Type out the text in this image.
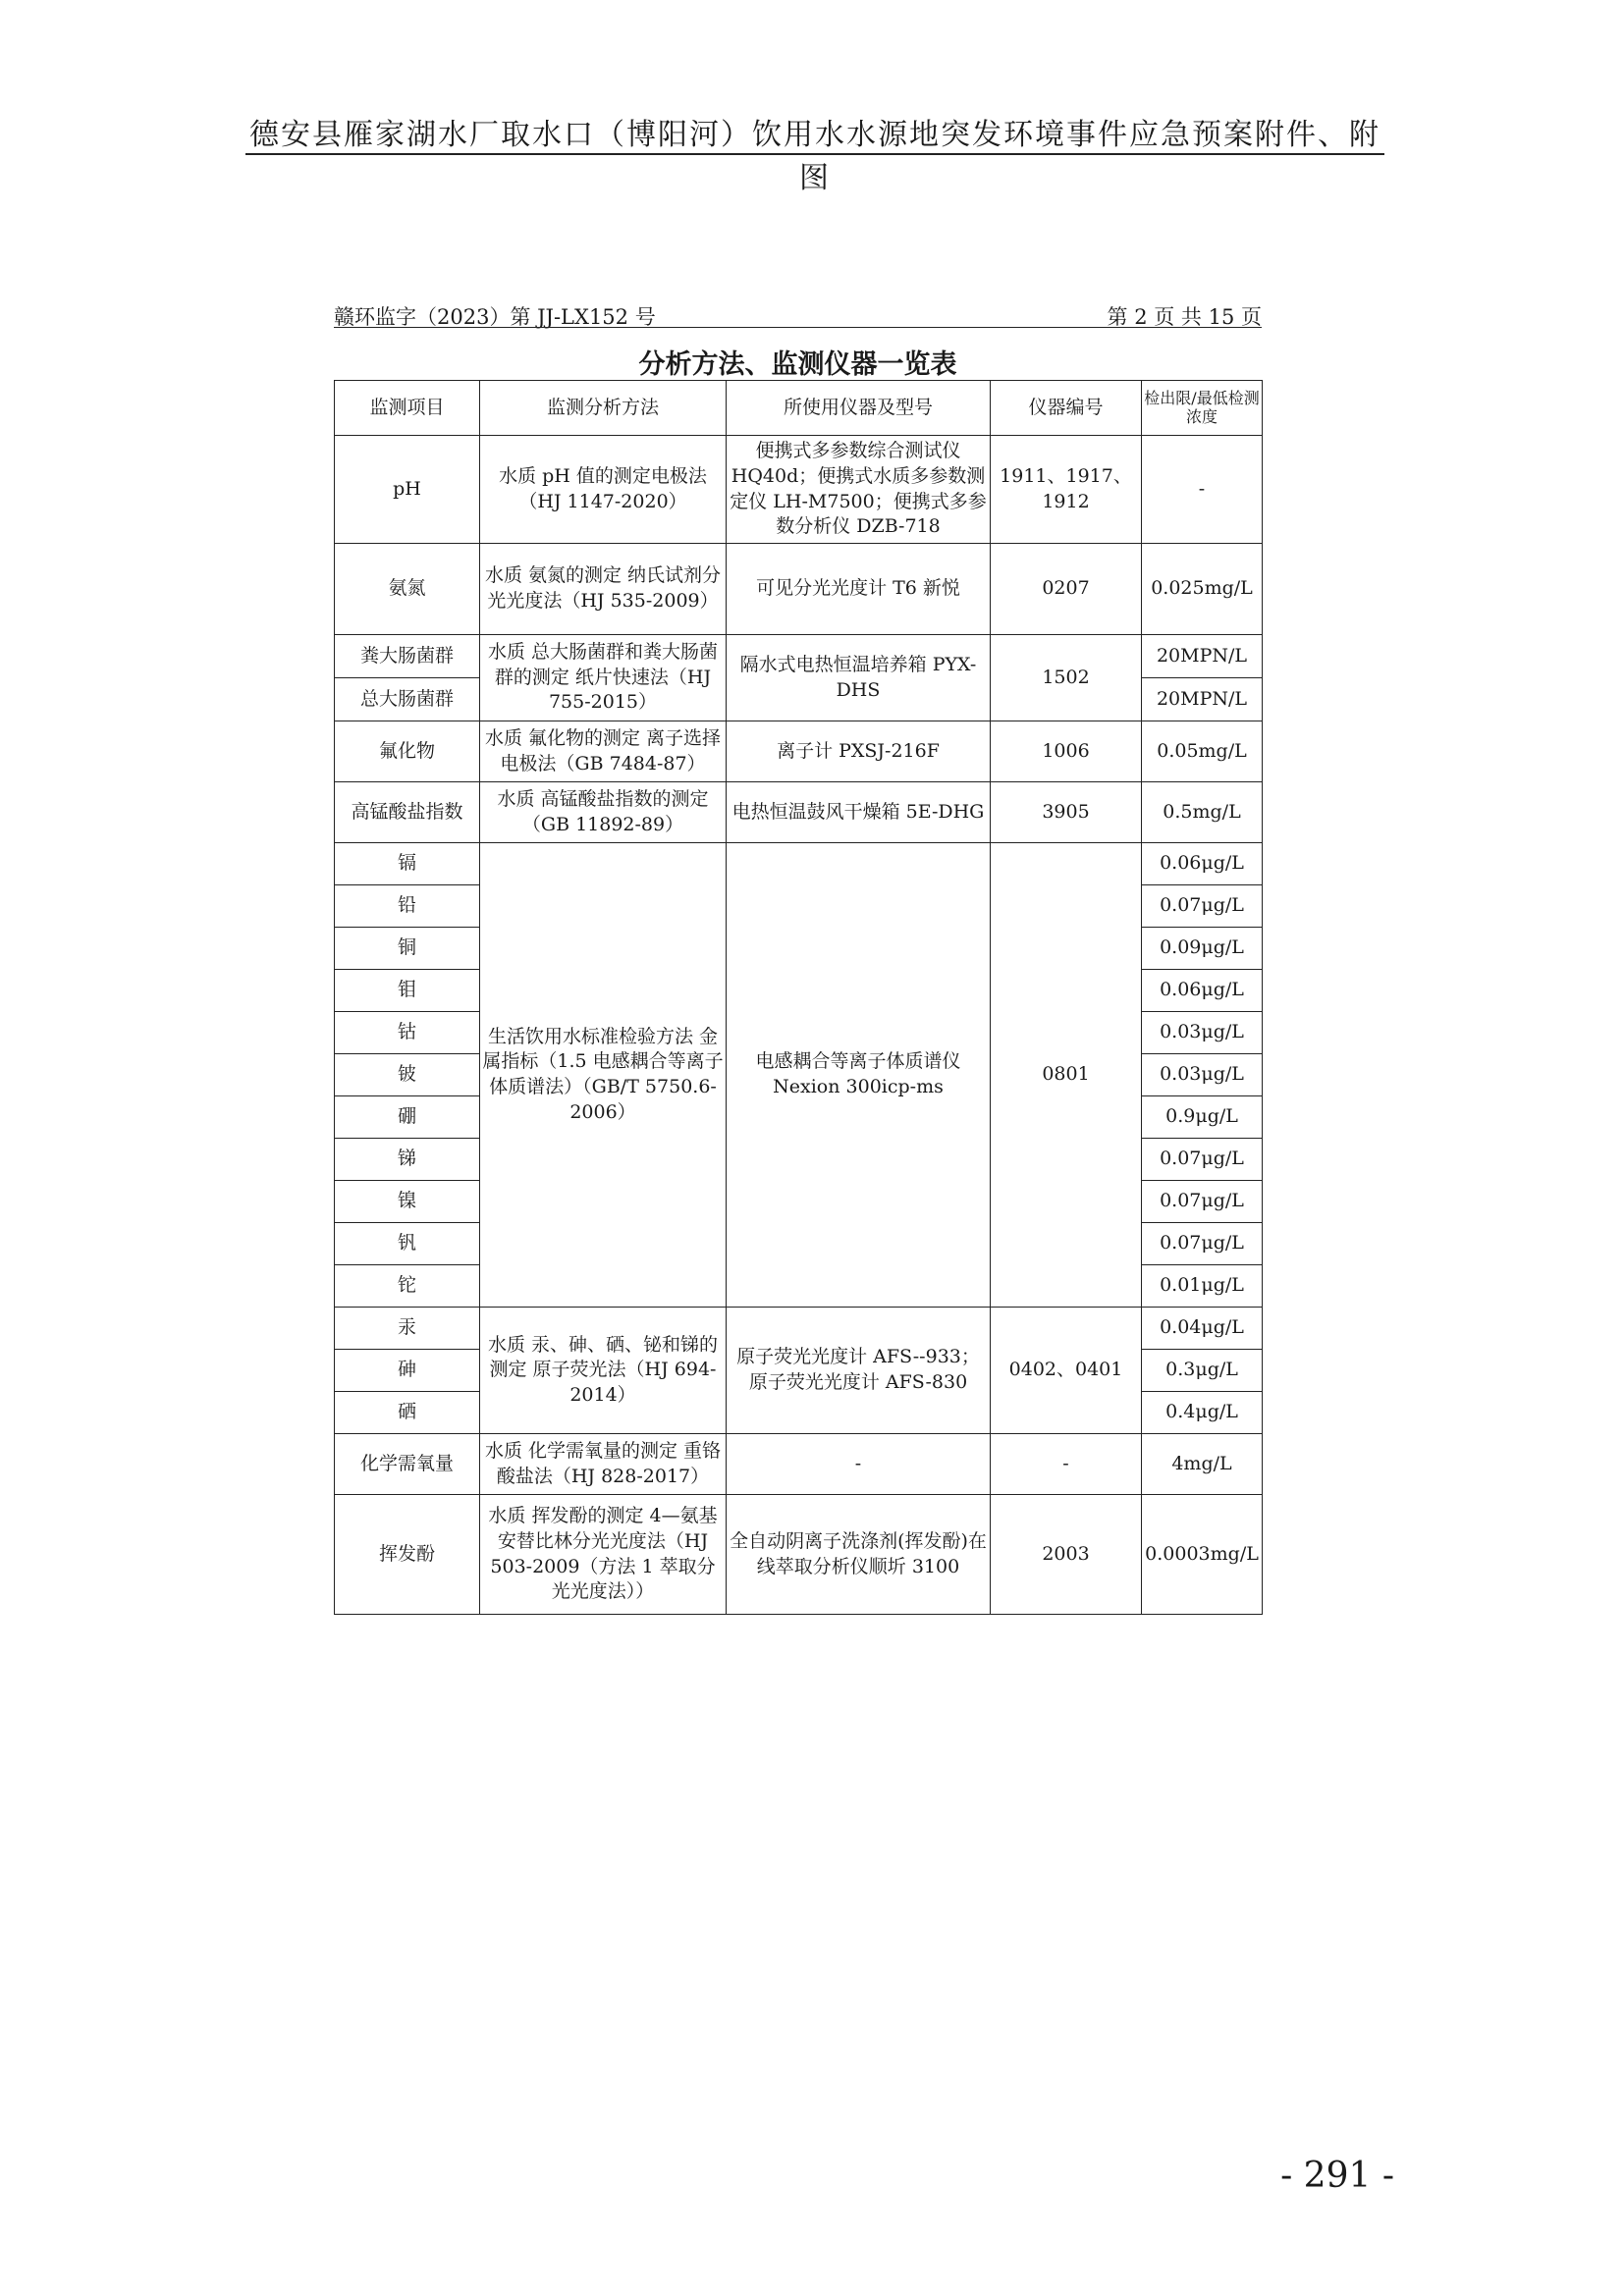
德安县雁家湖水厂取水口（博阳河）饮用水水源地突发环境事件应急预案附件、附图
赣环监字（2023）第 JJ-LX152 号	第 2 页 共 15 页
分析方法、监测仪器一览表
监测项目	监测分析方法	所使用仪器及型号	仪器编号	检出限/最低检测浓度
pH	水质 pH 值的测定电极法（HJ 1147-2020）	便携式多参数综合测试仪 HQ40d；便携式水质多参数测定仪 LH-M7500；便携式多参数分析仪 DZB-718	1911、1917、1912	-
氨氮	水质 氨氮的测定 纳氏试剂分光光度法（HJ 535-2009）	可见分光光度计 T6 新悦	0207	0.025mg/L
粪大肠菌群	水质 总大肠菌群和粪大肠菌群的测定 纸片快速法（HJ 755-2015）	隔水式电热恒温培养箱 PYX-DHS	1502	20MPN/L
总大肠菌群				20MPN/L
氟化物	水质 氟化物的测定 离子选择电极法（GB 7484-87）	离子计 PXSJ-216F	1006	0.05mg/L
高锰酸盐指数	水质 高锰酸盐指数的测定（GB 11892-89）	电热恒温鼓风干燥箱 5E-DHG	3905	0.5mg/L
镉	生活饮用水标准检验方法 金属指标（1.5 电感耦合等离子体质谱法）（GB/T 5750.6-2006）	电感耦合等离子体质谱仪 Nexion 300icp-ms	0801	0.06μg/L
铅				0.07μg/L
铜				0.09μg/L
钼				0.06μg/L
钴				0.03μg/L
铍				0.03μg/L
硼				0.9μg/L
锑				0.07μg/L
镍				0.07μg/L
钒				0.07μg/L
铊				0.01μg/L
汞	水质 汞、砷、硒、铋和锑的测定 原子荧光法（HJ 694-2014）	原子荧光光度计 AFS--933；原子荧光光度计 AFS-830	0402、0401	0.04μg/L
砷				0.3μg/L
硒				0.4μg/L
化学需氧量	水质 化学需氧量的测定 重铬酸盐法（HJ 828-2017）	-	-	4mg/L
挥发酚	水质 挥发酚的测定 4—氨基安替比林分光光度法（HJ 503-2009（方法 1 萃取分光光度法））	全自动阴离子洗涤剂(挥发酚)在线萃取分析仪顺圻 3100	2003	0.0003mg/L
- 291 -
